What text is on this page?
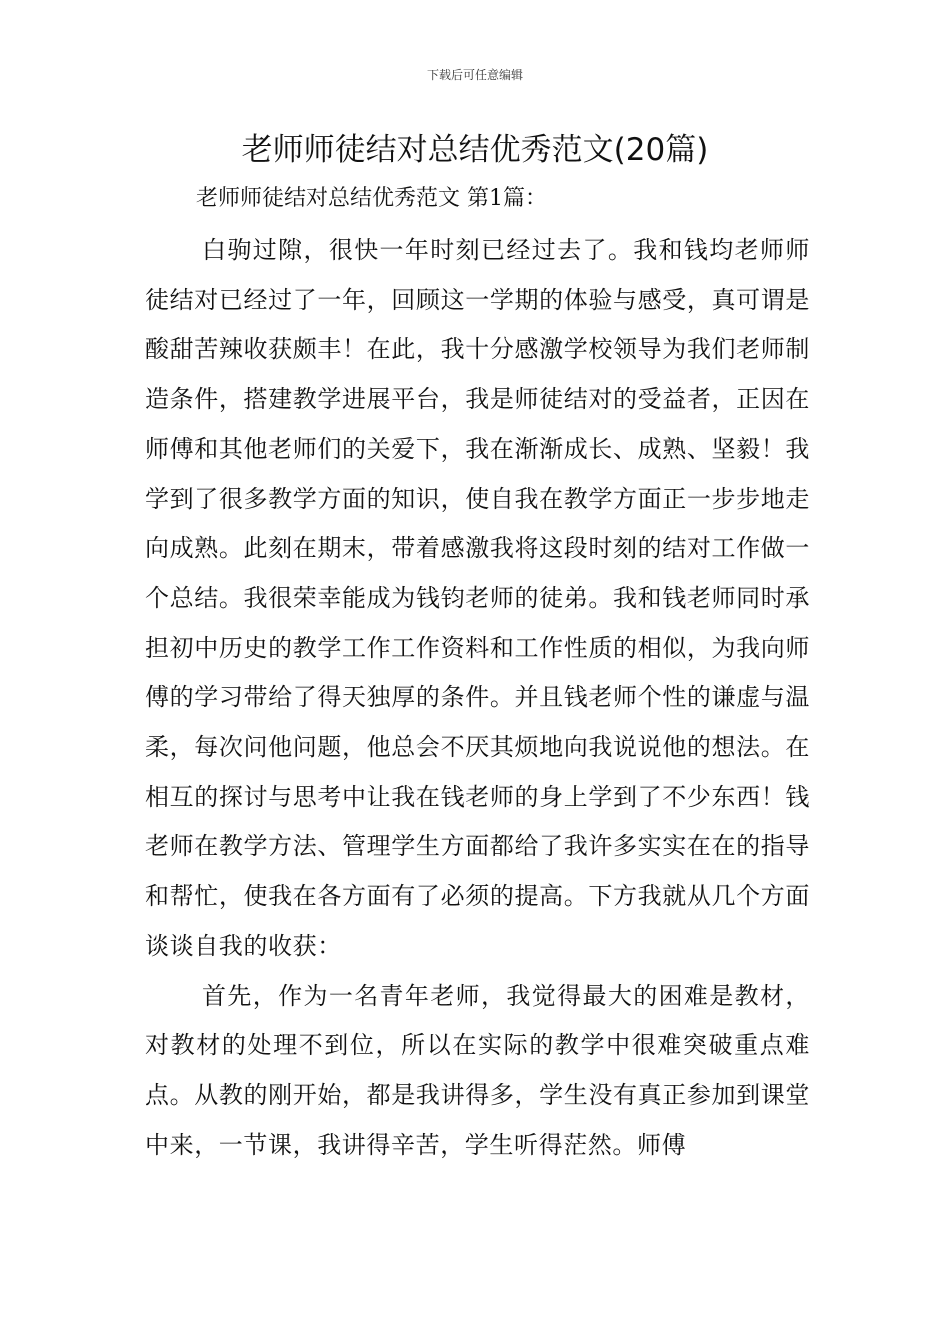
下载后可任意编辑
老师师徒结对总结优秀范文(20篇)
老师师徒结对总结优秀范文 第1篇：

白驹过隙，很快一年时刻已经过去了。我和钱均老师师徒结对已经过了一年，回顾这一学期的体验与感受，真可谓是酸甜苦辣收获颇丰！在此，我十分感激学校领导为我们老师制造条件，搭建教学进展平台，我是师徒结对的受益者，正因在师傅和其他老师们的关爱下，我在渐渐成长、成熟、坚毅！我学到了很多教学方面的知识，使自我在教学方面正一步步地走向成熟。此刻在期末，带着感激我将这段时刻的结对工作做一个总结。我很荣幸能成为钱钧老师的徒弟。我和钱老师同时承担初中历史的教学工作工作资料和工作性质的相似，为我向师傅的学习带给了得天独厚的条件。并且钱老师个性的谦虚与温柔，每次问他问题，他总会不厌其烦地向我说说他的想法。在相互的探讨与思考中让我在钱老师的身上学到了不少东西！钱老师在教学方法、管理学生方面都给了我许多实实在在的指导和帮忙，使我在各方面有了必须的提高。下方我就从几个方面谈谈自我的收获：

首先，作为一名青年老师，我觉得最大的困难是教材，对教材的处理不到位，所以在实际的教学中很难突破重点难点。从教的刚开始，都是我讲得多，学生没有真正参加到课堂中来，一节课，我讲得辛苦，学生听得茫然。师傅
